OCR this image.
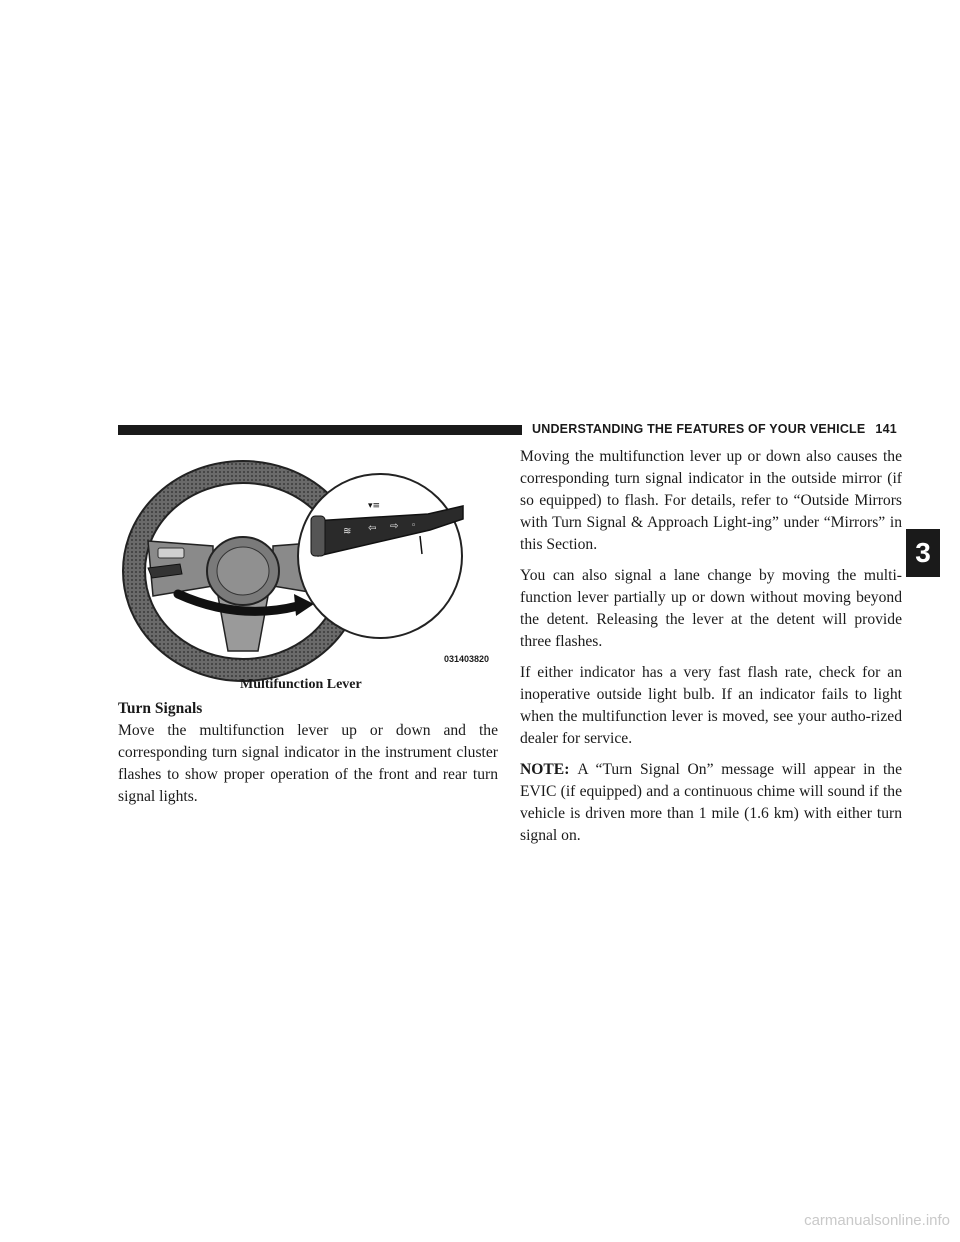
UNDERSTANDING THE FEATURES OF YOUR VEHICLE 141
≋ ⇦ ⇨ ◦
▾≡
031403820
Multifunction Lever
Turn Signals

Move the multifunction lever up or down and the corresponding turn signal indicator in the instrument cluster flashes to show proper operation of the front and rear turn signal lights.

Moving the multifunction lever up or down also causes the corresponding turn signal indicator in the outside mirror (if so equipped) to flash. For details, refer to “Outside Mirrors with Turn Signal & Approach Light-ing” under “Mirrors” in this Section.

You can also signal a lane change by moving the multi-function lever partially up or down without moving beyond the detent. Releasing the lever at the detent will provide three flashes.

If either indicator has a very fast flash rate, check for an inoperative outside light bulb. If an indicator fails to light when the multifunction lever is moved, see your autho-rized dealer for service.

NOTE: A “Turn Signal On” message will appear in the EVIC (if equipped) and a continuous chime will sound if the vehicle is driven more than 1 mile (1.6 km) with either turn signal on.

3
carmanualsonline.info
